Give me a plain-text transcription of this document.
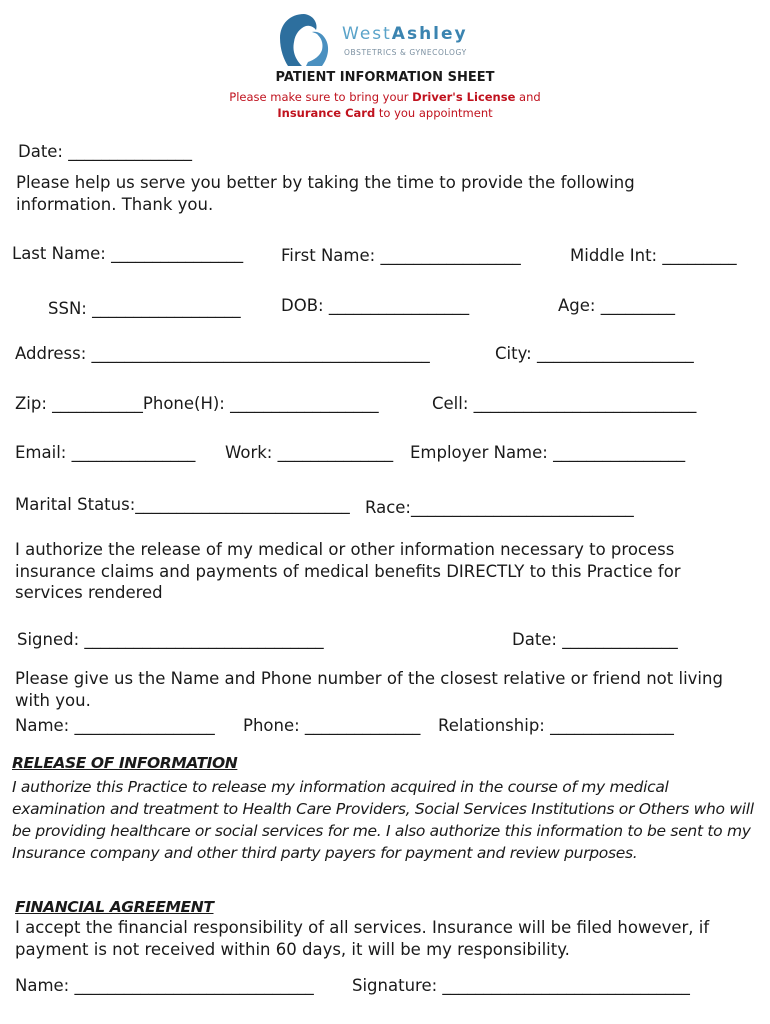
WestAshley
OBSTETRICS & GYNECOLOGY
PATIENT INFORMATION SHEET
Please make sure to bring your Driver's License and
Insurance Card to you appointment
Date: _______________
Please help us serve you better by taking the time to provide the following information. Thank you.
Last Name: ________________ First Name: _________________	Middle Int: _________
SSN: __________________ DOB: _________________	Age: _________
Address: _________________________________________	City: ___________________
Zip: ___________Phone(H): __________________	Cell: ___________________________
Email: _______________ Work: ______________ Employer Name: ________________
Marital Status:__________________________ Race:___________________________
I authorize the release of my medical or other information necessary to process insurance claims and payments of medical benefits DIRECTLY to this Practice for services rendered
Signed: _____________________________	Date: ______________
Please give us the Name and Phone number of the closest relative or friend not living with you.
Name: _________________ Phone: ______________ Relationship: _______________
RELEASE OF INFORMATION
I authorize this Practice to release my information acquired in the course of my medical examination and treatment to Health Care Providers, Social Services Institutions or Others who will be providing healthcare or social services for me. I also authorize this information to be sent to my Insurance company and other third party payers for payment and review purposes.
FINANCIAL AGREEMENT
I accept the financial responsibility of all services. Insurance will be filed however, if payment is not received within 60 days, it will be my responsibility.
Name: _____________________________ Signature: ______________________________
